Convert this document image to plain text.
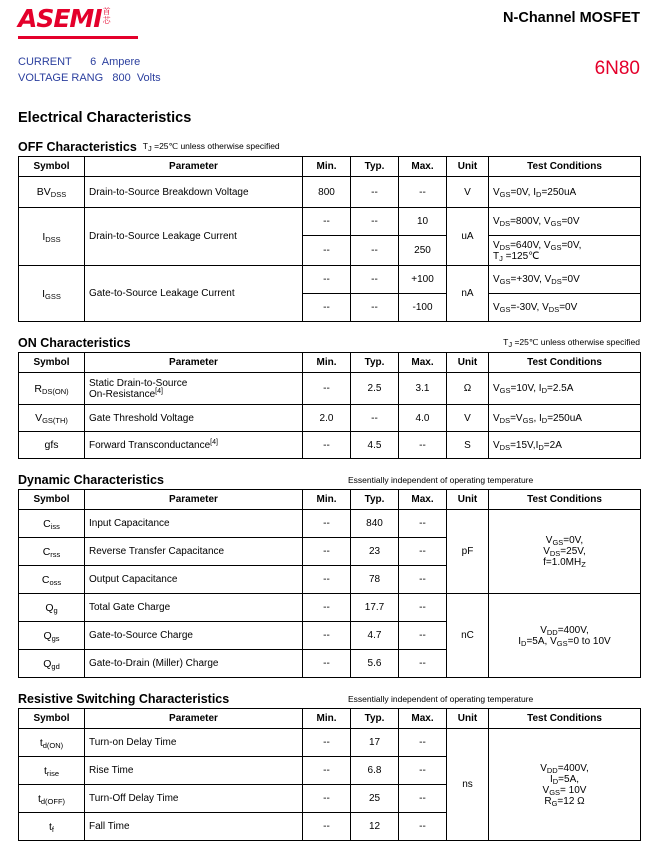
ASEMI 首
芯	N-Channel MOSFET
CURRENT 6 Ampere
VOLTAGE RANG 800 Volts	6N80
Electrical Characteristics
OFF Characteristics $T_J$ =25℃ unless otherwise specified
Symbol	Parameter	Min.	Typ.	Max.	Unit	Test Conditions
$BV_{DSS}$	Drain-to-Source Breakdown Voltage	800	--	--	V	$V_{GS}=0V$, $I_D=250uA$
$I_{DSS}$	Drain-to-Source Leakage Current	--	--	10	uA	$V_{DS}=800V$, $V_{GS}=0V$
		--	--	250		$V_{DS}=640V$, $V_{GS}=0V$,
$T_J$ =125℃
$I_{GSS}$	Gate-to-Source Leakage Current	--	--	+100	nA	$V_{GS}=+30V$, $V_{DS}=0V$
		--	--	-100		$V_{GS}=-30V$, $V_{DS}=0V$
ON Characteristics	$T_J$ =25℃ unless otherwise specified
Symbol	Parameter	Min.	Typ.	Max.	Unit	Test Conditions
$R_{DS(ON)}$	Static Drain-to-Source
On-Resistance[4]	--	2.5	3.1	Ω	$V_{GS}=10V$, $I_D=2.5A$
$V_{GS(TH)}$	Gate Threshold Voltage	2.0	--	4.0	V	$V_{DS}=V_{GS}$, $I_D=250uA$
gfs	Forward Transconductance[4]	--	4.5	--	S	$V_{DS}=15V,I_D=2A$
Dynamic Characteristics	Essentially independent of operating temperature
Symbol	Parameter	Min.	Typ.	Max.	Unit	Test Conditions
$C_{iss}$	Input Capacitance	--	840	--	pF	$V_{GS}=0V$,
$V_{DS}=25V$,
$f=1.0MH_Z$
$C_{rss}$	Reverse Transfer Capacitance	--	23	--		
$C_{oss}$	Output Capacitance	--	78	--		
$Q_g$	Total Gate Charge	--	17.7	--	nC	$V_{DD}=400V$,
$I_D=5A$, $V_{GS}=0$ to 10V
$Q_{gs}$	Gate-to-Source Charge	--	4.7	--		
$Q_{gd}$	Gate-to-Drain (Miller) Charge	--	5.6	--		
Resistive Switching Characteristics	Essentially independent of operating temperature
Symbol	Parameter	Min.	Typ.	Max.	Unit	Test Conditions
$t_{d(ON)}$	Turn-on Delay Time	--	17	--	ns	$V_{DD}=400V$,
$I_D=5A$,
$V_{GS}= 10V$
$R_G=12$ Ω
$t_{rise}$	Rise Time	--	6.8	--		
$t_{d(OFF)}$	Turn-Off Delay Time	--	25	--		
$t_f$	Fall Time	--	12	--		
